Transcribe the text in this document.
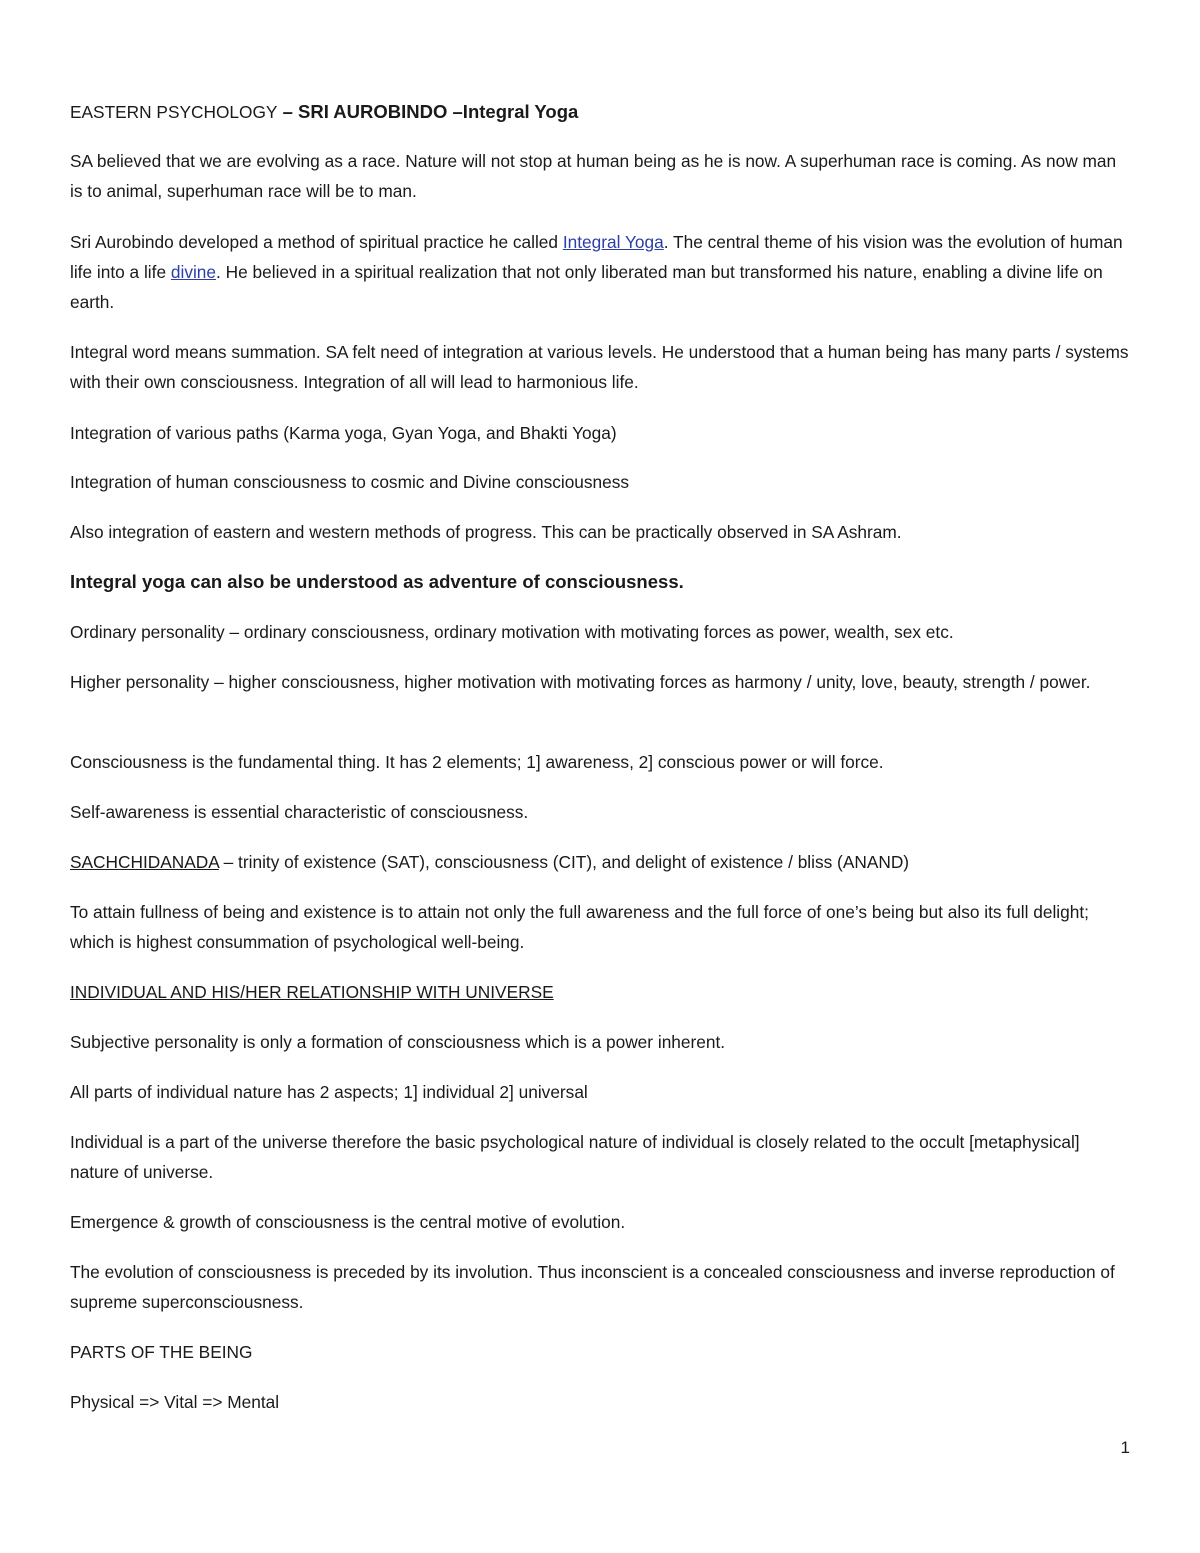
EASTERN PSYCHOLOGY – SRI AUROBINDO –Integral Yoga

SA believed that we are evolving as a race. Nature will not stop at human being as he is now. A superhuman race is coming. As now man is to animal, superhuman race will be to man.

Sri Aurobindo developed a method of spiritual practice he called Integral Yoga. The central theme of his vision was the evolution of human life into a life divine. He believed in a spiritual realization that not only liberated man but transformed his nature, enabling a divine life on earth.

Integral word means summation. SA felt need of integration at various levels. He understood that a human being has many parts / systems with their own consciousness. Integration of all will lead to harmonious life.

Integration of various paths (Karma yoga, Gyan Yoga, and Bhakti Yoga)

Integration of human consciousness to cosmic and Divine consciousness

Also integration of eastern and western methods of progress. This can be practically observed in SA Ashram.

Integral yoga can also be understood as adventure of consciousness.

Ordinary personality – ordinary consciousness, ordinary motivation with motivating forces as power, wealth, sex etc.

Higher personality – higher consciousness, higher motivation with motivating forces as harmony / unity, love, beauty, strength / power.

Consciousness is the fundamental thing. It has 2 elements; 1] awareness, 2] conscious power or will force.

Self-awareness is essential characteristic of consciousness.

SACHCHIDANADA – trinity of existence (SAT), consciousness (CIT), and delight of existence / bliss (ANAND)

To attain fullness of being and existence is to attain not only the full awareness and the full force of one’s being but also its full delight; which is highest consummation of psychological well-being.

INDIVIDUAL AND HIS/HER RELATIONSHIP WITH UNIVERSE

Subjective personality is only a formation of consciousness which is a power inherent.

All parts of individual nature has 2 aspects; 1] individual 2] universal

Individual is a part of the universe therefore the basic psychological nature of individual is closely related to the occult [metaphysical] nature of universe.

Emergence & growth of consciousness is the central motive of evolution.

The evolution of consciousness is preceded by its involution. Thus inconscient is a concealed consciousness and inverse reproduction of supreme superconsciousness.

PARTS OF THE BEING

Physical => Vital => Mental

1
